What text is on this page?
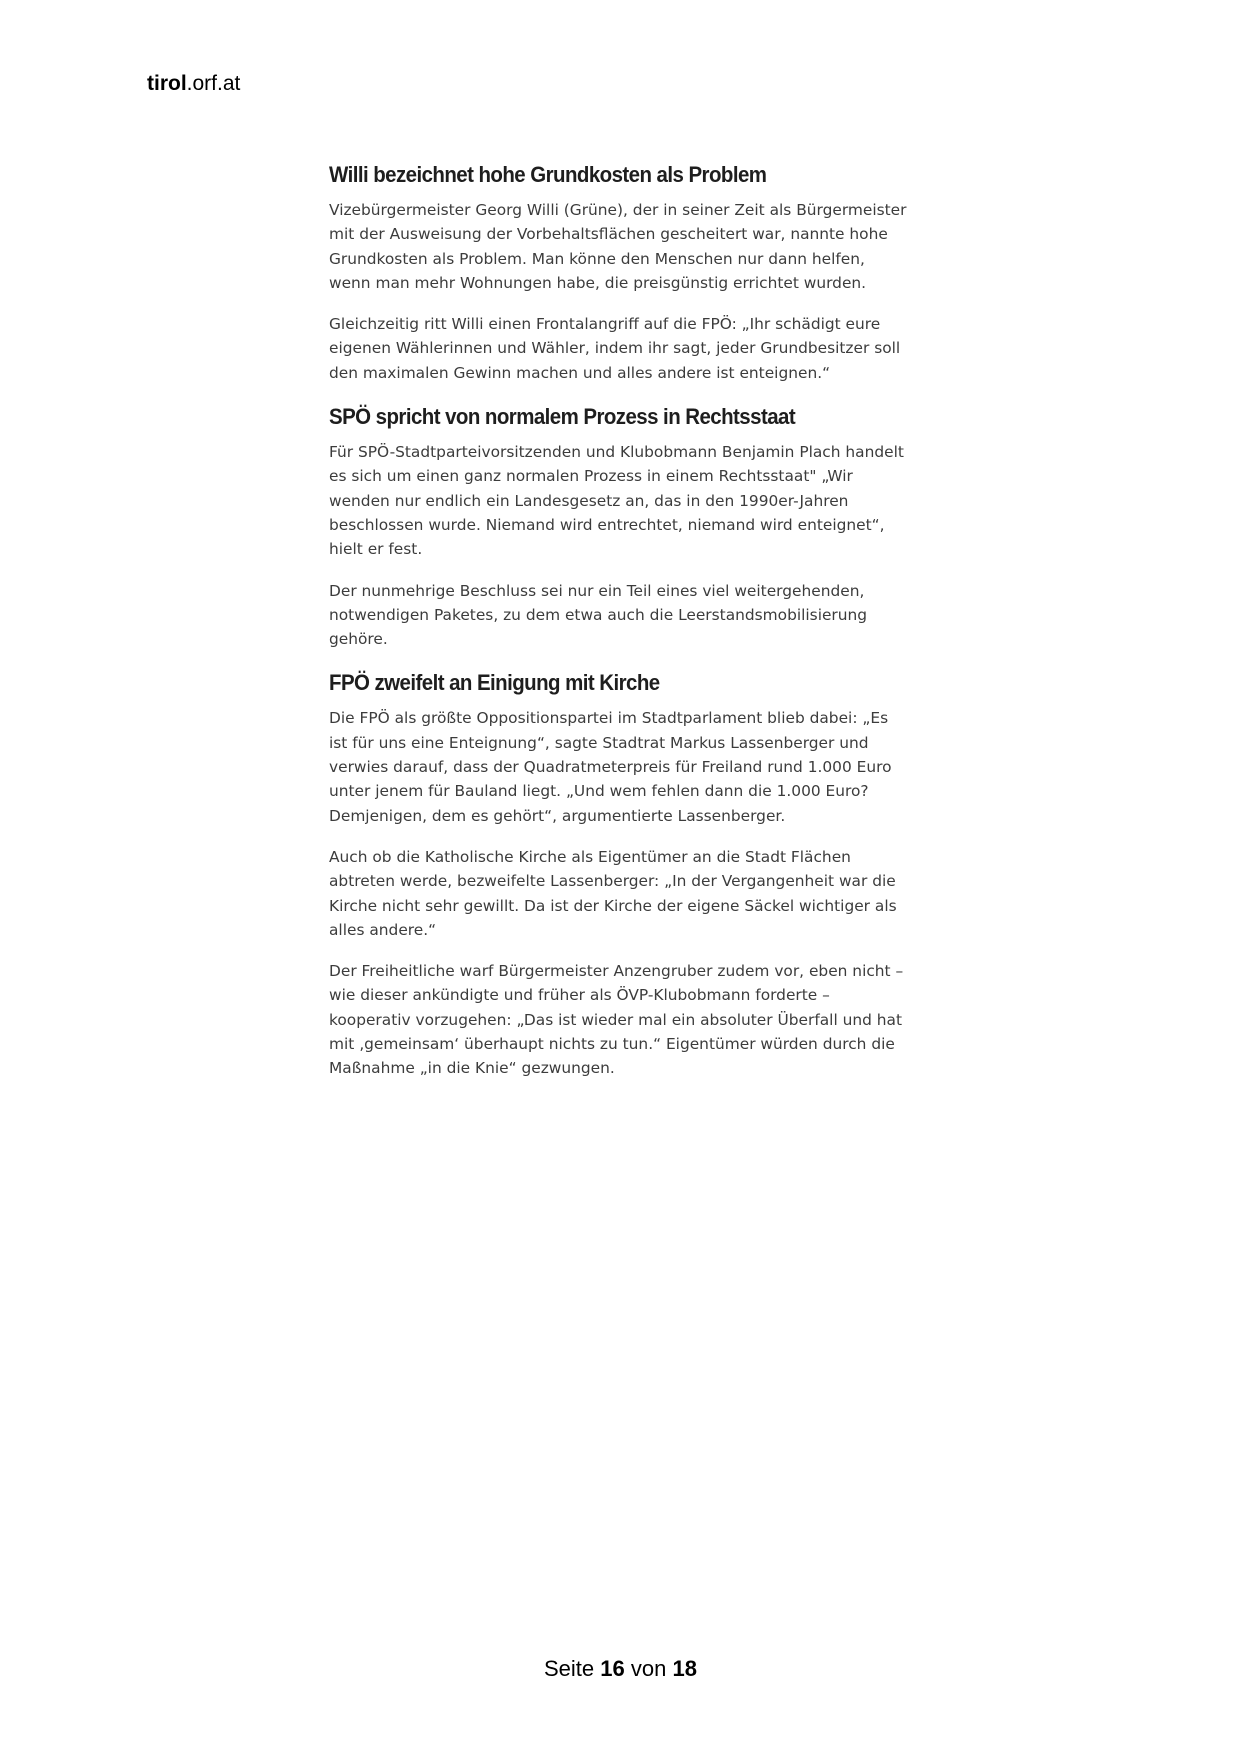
tirol.orf.at
Willi bezeichnet hohe Grundkosten als Problem

Vizebürgermeister Georg Willi (Grüne), der in seiner Zeit als Bürgermeister mit der Ausweisung der Vorbehaltsflächen gescheitert war, nannte hohe Grundkosten als Problem. Man könne den Menschen nur dann helfen, wenn man mehr Wohnungen habe, die preisgünstig errichtet wurden.

Gleichzeitig ritt Willi einen Frontalangriff auf die FPÖ: „Ihr schädigt eure eigenen Wählerinnen und Wähler, indem ihr sagt, jeder Grundbesitzer soll den maximalen Gewinn machen und alles andere ist enteignen.“

SPÖ spricht von normalem Prozess in Rechtsstaat

Für SPÖ-Stadtparteivorsitzenden und Klubobmann Benjamin Plach handelt es sich um einen ganz normalen Prozess in einem Rechtsstaat" „Wir wenden nur endlich ein Landesgesetz an, das in den 1990er-Jahren beschlossen wurde. Niemand wird entrechtet, niemand wird enteignet“, hielt er fest.

Der nunmehrige Beschluss sei nur ein Teil eines viel weitergehenden, notwendigen Paketes, zu dem etwa auch die Leerstandsmobilisierung gehöre.

FPÖ zweifelt an Einigung mit Kirche

Die FPÖ als größte Oppositionspartei im Stadtparlament blieb dabei: „Es ist für uns eine Enteignung“, sagte Stadtrat Markus Lassenberger und verwies darauf, dass der Quadratmeterpreis für Freiland rund 1.000 Euro unter jenem für Bauland liegt. „Und wem fehlen dann die 1.000 Euro? Demjenigen, dem es gehört“, argumentierte Lassenberger.

Auch ob die Katholische Kirche als Eigentümer an die Stadt Flächen abtreten werde, bezweifelte Lassenberger: „In der Vergangenheit war die Kirche nicht sehr gewillt. Da ist der Kirche der eigene Säckel wichtiger als alles andere.“

Der Freiheitliche warf Bürgermeister Anzengruber zudem vor, eben nicht – wie dieser ankündigte und früher als ÖVP-Klubobmann forderte – kooperativ vorzugehen: „Das ist wieder mal ein absoluter Überfall und hat mit ‚gemeinsam‘ überhaupt nichts zu tun.“ Eigentümer würden durch die Maßnahme „in die Knie“ gezwungen.

Seite 16 von 18
